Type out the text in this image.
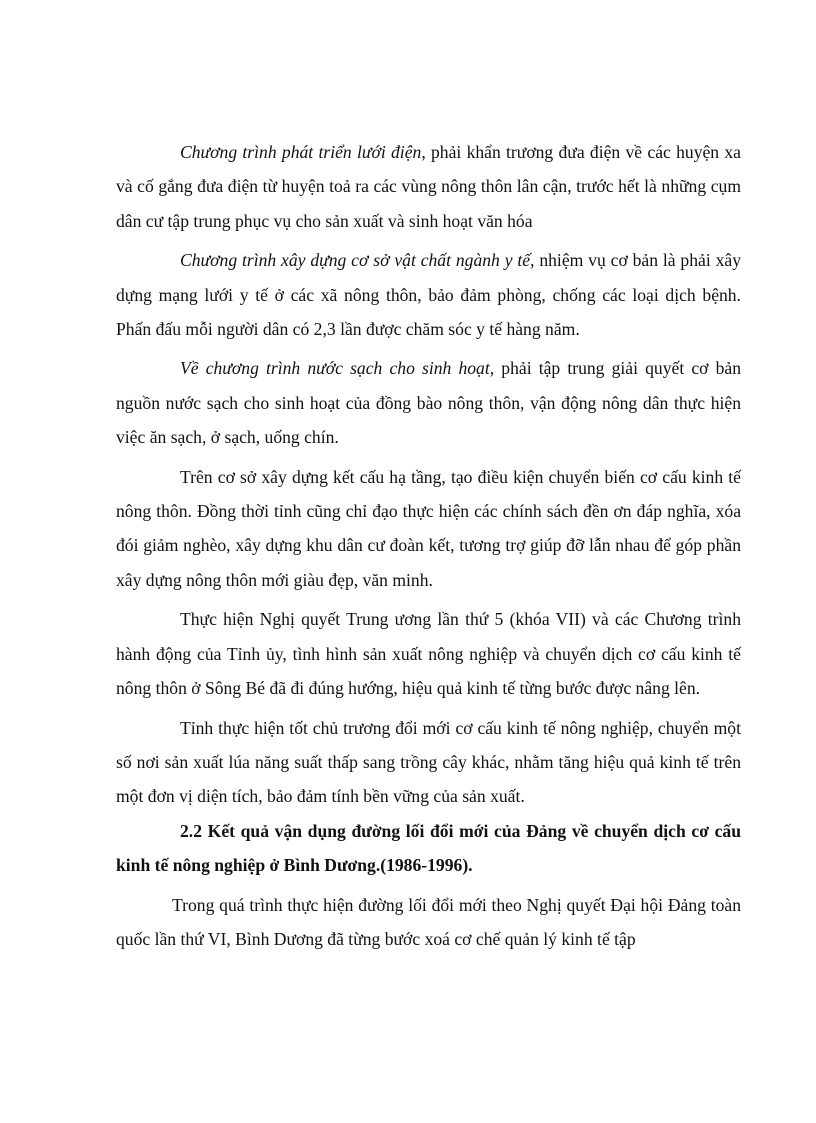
Chương trình phát triển lưới điện, phải khẩn trương đưa điện về các huyện xa và cố gắng đưa điện từ huyện toả ra các vùng nông thôn lân cận, trước hết là những cụm dân cư tập trung phục vụ cho sản xuất và sinh hoạt văn hóa

Chương trình xây dựng cơ sở vật chất ngành y tế, nhiệm vụ cơ bản là phải xây dựng mạng lưới y tế ở các xã nông thôn, bảo đảm phòng, chống các loại dịch bệnh. Phấn đấu mỗi người dân có 2,3 lần được chăm sóc y tế hàng năm.

Về chương trình nước sạch cho sinh hoạt, phải tập trung giải quyết cơ bản nguồn nước sạch cho sinh hoạt của đồng bào nông thôn, vận động nông dân thực hiện việc ăn sạch, ở sạch, uống chín.

Trên cơ sở xây dựng kết cấu hạ tầng, tạo điều kiện chuyển biến cơ cấu kinh tế nông thôn. Đồng thời tỉnh cũng chỉ đạo thực hiện các chính sách đền ơn đáp nghĩa, xóa đói giảm nghèo, xây dựng khu dân cư đoàn kết, tương trợ giúp đỡ lẫn nhau để góp phần xây dựng nông thôn mới giàu đẹp, văn minh.

Thực hiện Nghị quyết Trung ương lần thứ 5 (khóa VII) và các Chương trình hành động của Tỉnh ủy, tình hình sản xuất nông nghiệp và chuyển dịch cơ cấu kinh tế nông thôn ở Sông Bé đã đi đúng hướng, hiệu quả kinh tế từng bước được nâng lên.

Tỉnh thực hiện tốt chủ trương đổi mới cơ cấu kinh tế nông nghiệp, chuyển một số nơi sản xuất lúa năng suất thấp sang trồng cây khác, nhằm tăng hiệu quả kinh tế trên một đơn vị diện tích, bảo đảm tính bền vững của sản xuất.

2.2 Kết quả vận dụng đường lối đổi mới của Đảng về chuyển dịch cơ cấu kinh tế nông nghiệp ở Bình Dương.(1986-1996).

Trong quá trình thực hiện đường lối đổi mới theo Nghị quyết Đại hội Đảng toàn quốc lần thứ VI, Bình Dương đã từng bước xoá cơ chế quản lý kinh tế tập
